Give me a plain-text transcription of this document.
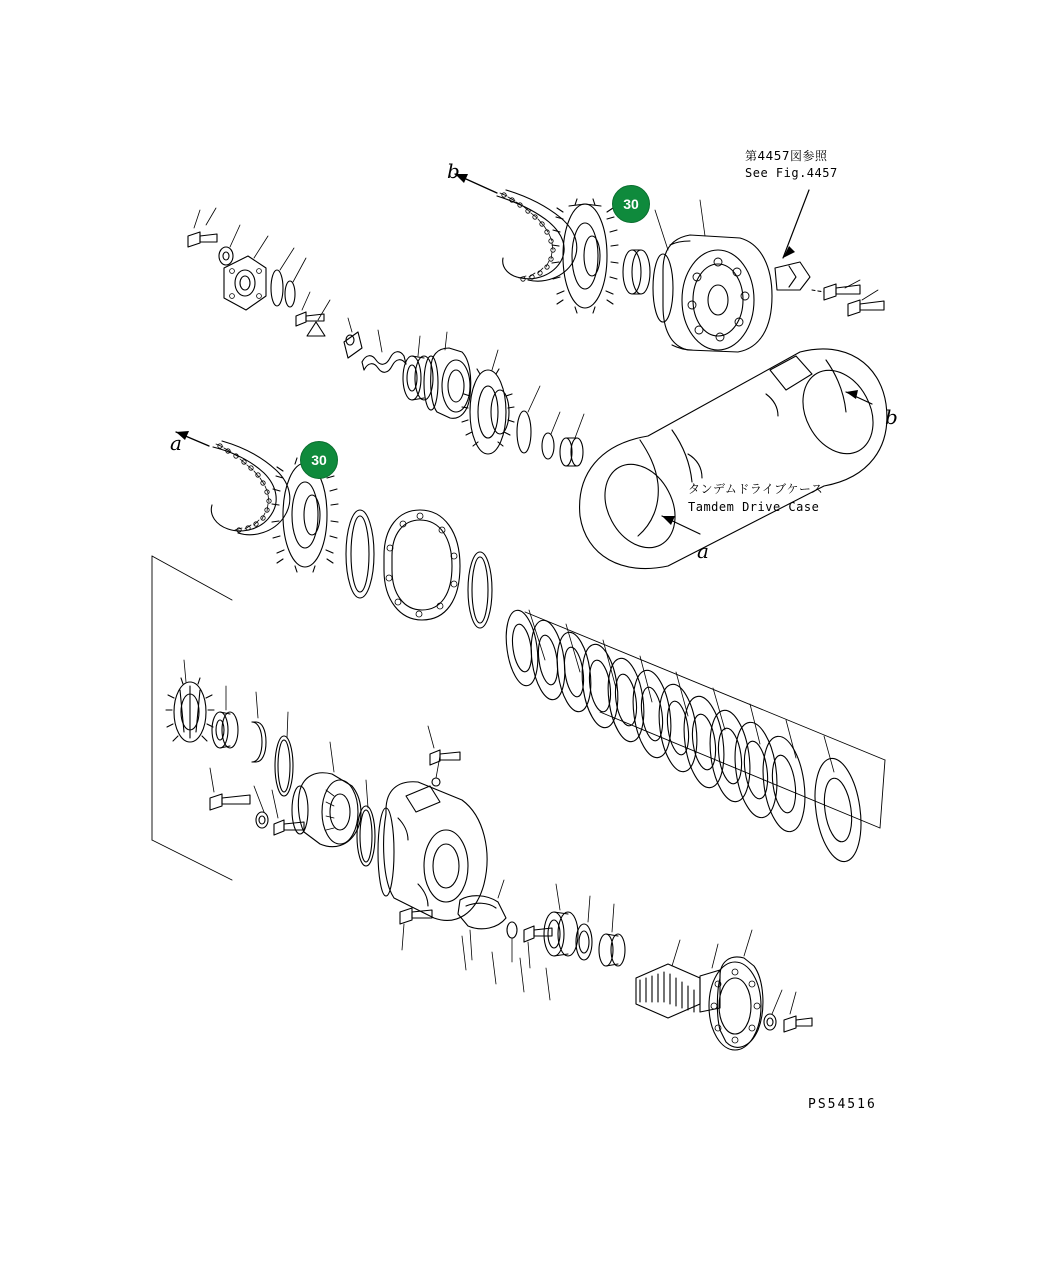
30
30
第4457図参照
See Fig.4457
タンデムドライブケース
Tamdem Drive Case
b
b
a
a
PS54516
